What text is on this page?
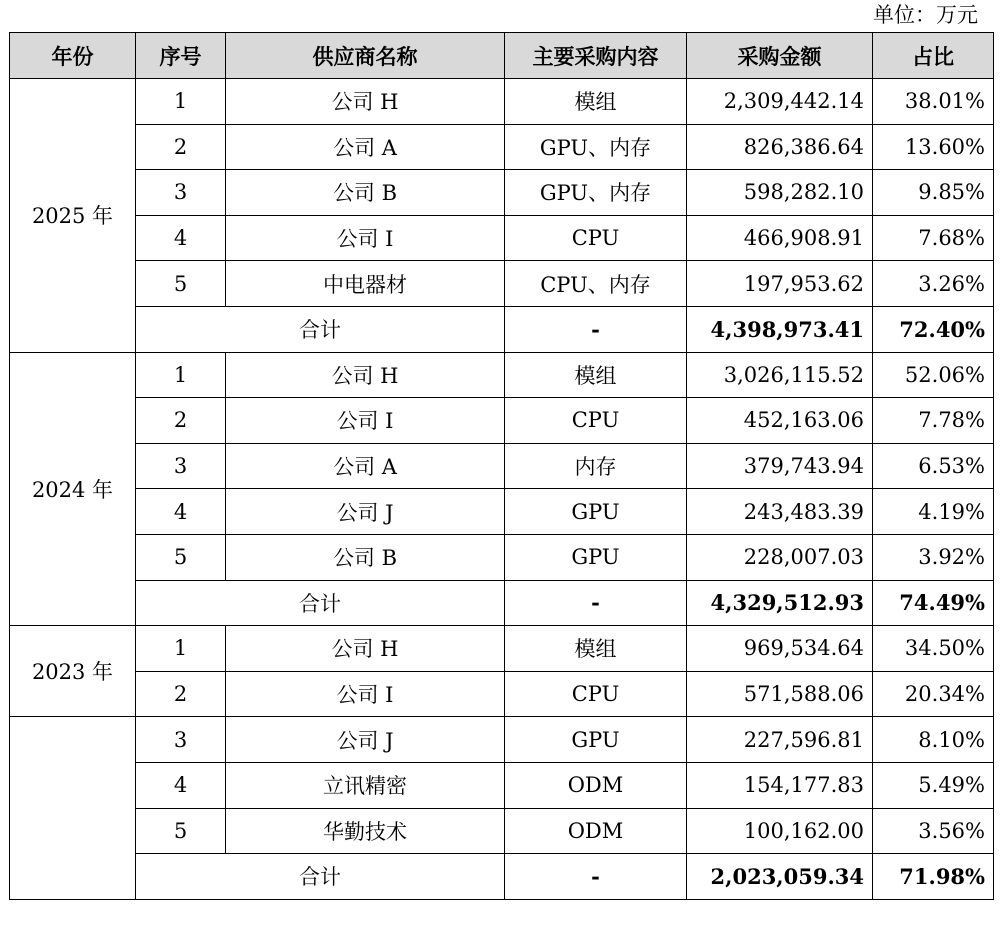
单位：万元
年份	序号	供应商名称	主要采购内容	采购金额	占比
2025 年	1	公司 H	模组	2,309,442.14	38.01%
	2	公司 A	GPU、内存	826,386.64	13.60%
	3	公司 B	GPU、内存	598,282.10	9.85%
	4	公司 I	CPU	466,908.91	7.68%
	5	中电器材	CPU、内存	197,953.62	3.26%
	合计		-	4,398,973.41	72.40%
2024 年	1	公司 H	模组	3,026,115.52	52.06%
	2	公司 I	CPU	452,163.06	7.78%
	3	公司 A	内存	379,743.94	6.53%
	4	公司 J	GPU	243,483.39	4.19%
	5	公司 B	GPU	228,007.03	3.92%
	合计		-	4,329,512.93	74.49%
2023 年	1	公司 H	模组	969,534.64	34.50%
	2	公司 I	CPU	571,588.06	20.34%
	3	公司 J	GPU	227,596.81	8.10%
	4	立讯精密	ODM	154,177.83	5.49%
	5	华勤技术	ODM	100,162.00	3.56%
	合计		-	2,023,059.34	71.98%
